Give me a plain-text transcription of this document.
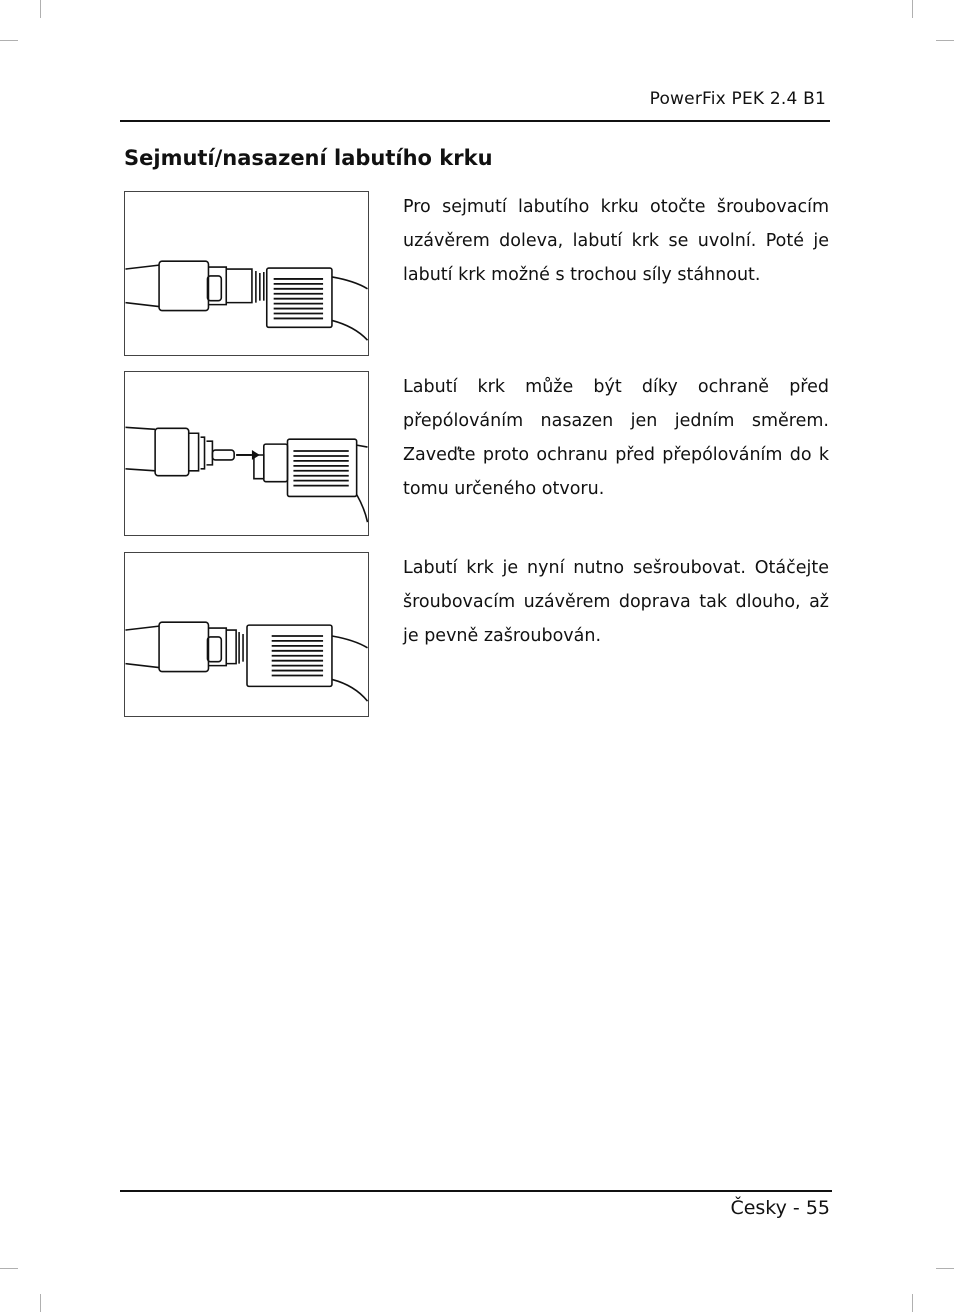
PowerFix PEK 2.4 B1
Sejmutí/nasazení labutího krku

Pro sejmutí labutího krku otočte šroubovacím uzávěrem doleva, labutí krk se uvolní. Poté je labutí krk možné s trochou síly stáhnout.

Labutí krk může být díky ochraně před přepólováním nasazen jen jedním směrem. Zaveďte proto ochranu před přepólováním do k tomu určeného otvoru.

Labutí krk je nyní nutno sešroubovat. Otáčejte šroubovacím uzávěrem doprava tak dlouho, až je pevně zašroubován.

Česky - 55
